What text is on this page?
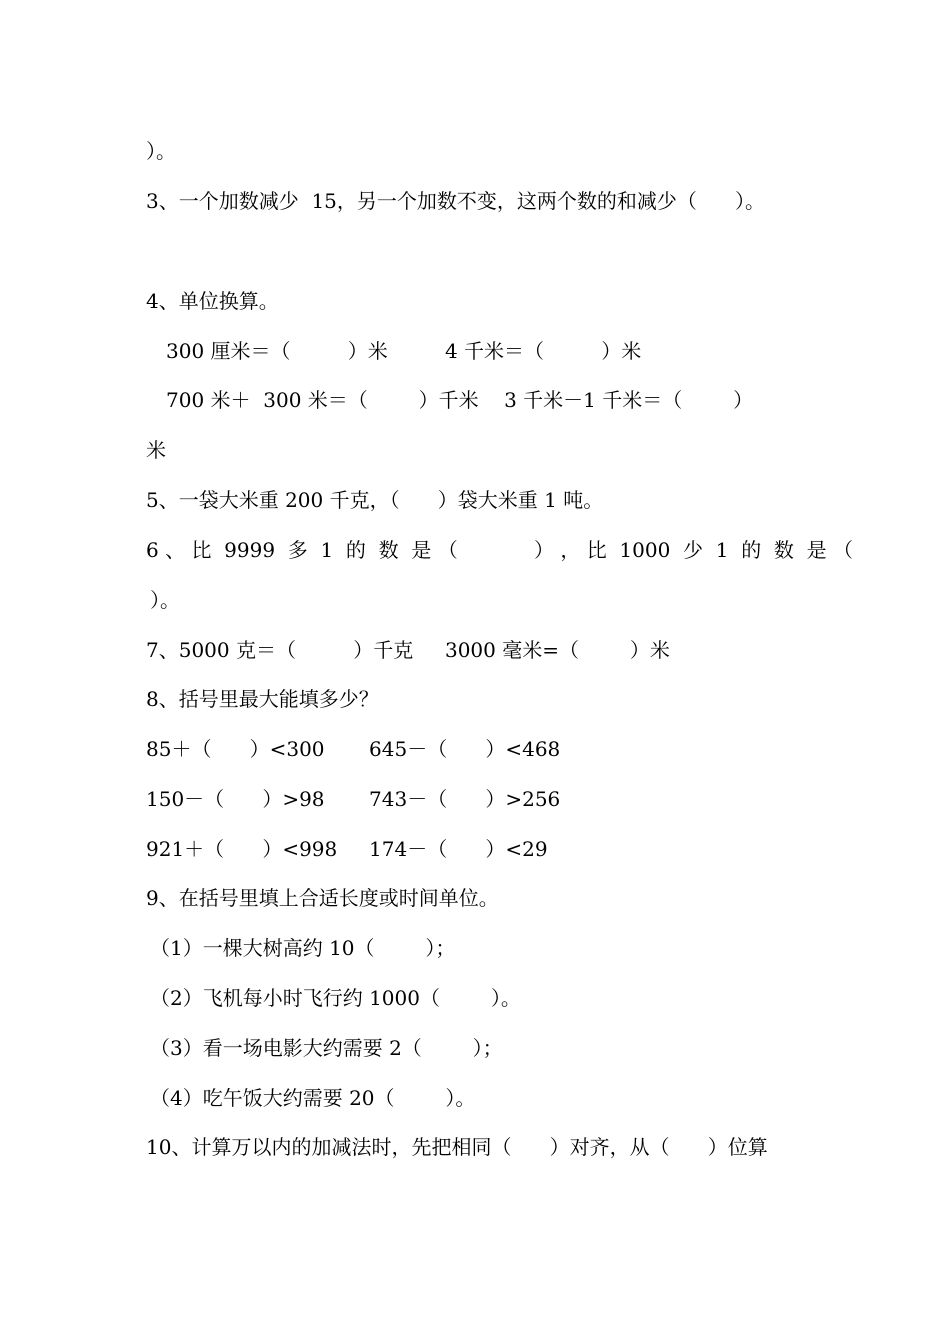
）。
3、一个加数减少  15，另一个加数不变，这两个数的和减少（      ）。
4、单位换算。
300 厘米＝（         ）米         4 千米＝（         ）米
700 米＋  300 米＝（        ）千米    3 千米－1 千米＝（        ）
米
5、一袋大米重 200 千克，（      ）袋大米重 1 吨。
6 、 比  9999  多  1  的  数  是 （            ） ， 比  1000  少  1  的  数  是 （
）。
7、5000 克＝（         ）千克     3000 毫米=（        ）米
8、括号里最大能填多少？
85＋（      ）<300       645－（      ）<468
150－（      ）>98       743－（      ）>256
921＋（      ）<998     174－（      ）<29
9、在括号里填上合适长度或时间单位。
（1）一棵大树高约 10（        ）；
（2）飞机每小时飞行约 1000（        ）。
（3）看一场电影大约需要 2（        ）；
（4）吃午饭大约需要 20（        ）。
10、计算万以内的加减法时，先把相同（      ）对齐，从（      ）位算
